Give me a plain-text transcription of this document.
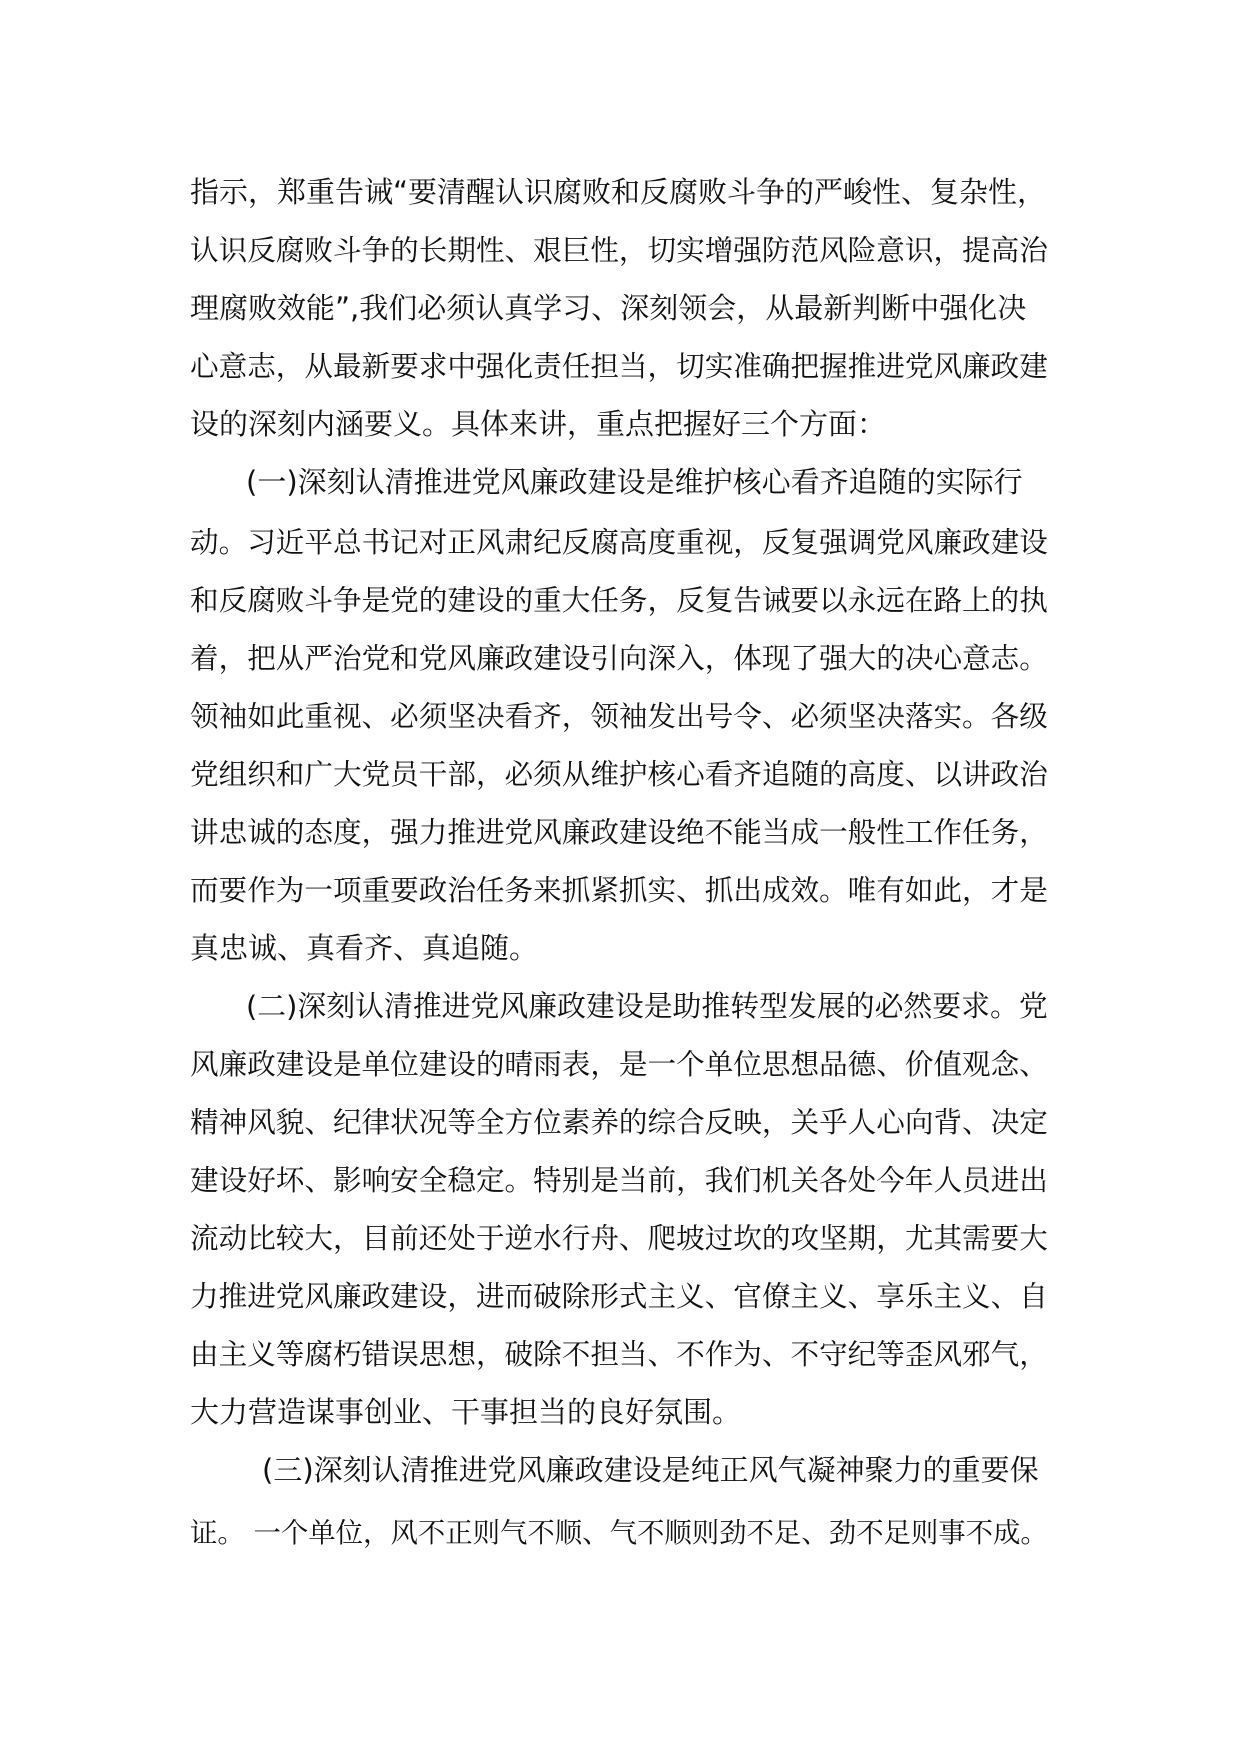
指示，郑重告诫“要清醒认识腐败和反腐败斗争的严峻性、复杂性，
认识反腐败斗争的长期性、艰巨性，切实增强防范风险意识，提高治
理腐败效能”,我们必须认真学习、深刻领会，从最新判断中强化决
心意志，从最新要求中强化责任担当，切实准确把握推进党风廉政建
设的深刻内涵要义。具体来讲，重点把握好三个方面：
(一)深刻认清推进党风廉政建设是维护核心看齐追随的实际行
动。习近平总书记对正风肃纪反腐高度重视，反复强调党风廉政建设
和反腐败斗争是党的建设的重大任务，反复告诫要以永远在路上的执
着，把从严治党和党风廉政建设引向深入，体现了强大的决心意志。
领袖如此重视、必须坚决看齐，领袖发出号令、必须坚决落实。各级
党组织和广大党员干部，必须从维护核心看齐追随的高度、以讲政治
讲忠诚的态度，强力推进党风廉政建设绝不能当成一般性工作任务，
而要作为一项重要政治任务来抓紧抓实、抓出成效。唯有如此，才是
真忠诚、真看齐、真追随。
(二)深刻认清推进党风廉政建设是助推转型发展的必然要求。党
风廉政建设是单位建设的晴雨表，是一个单位思想品德、价值观念、
精神风貌、纪律状况等全方位素养的综合反映，关乎人心向背、决定
建设好坏、影响安全稳定。特别是当前，我们机关各处今年人员进出
流动比较大，目前还处于逆水行舟、爬坡过坎的攻坚期，尤其需要大
力推进党风廉政建设，进而破除形式主义、官僚主义、享乐主义、自
由主义等腐朽错误思想，破除不担当、不作为、不守纪等歪风邪气，
大力营造谋事创业、干事担当的良好氛围。
(三)深刻认清推进党风廉政建设是纯正风气凝神聚力的重要保
证。 一个单位，风不正则气不顺、气不顺则劲不足、劲不足则事不成。
